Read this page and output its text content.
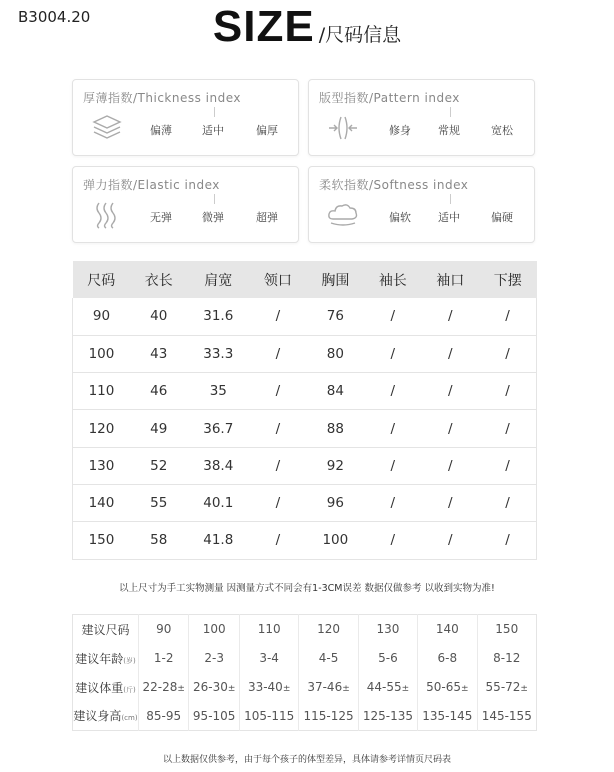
B3004.20	SIZE /尺码信息
厚薄指数/Thickness index
偏薄	适中	偏厚
版型指数/Pattern index
修身 常规	宽松
弹力指数/Elastic index
无弹	微弹	超弹
柔软指数/Softness index
偏软 适中	偏硬
尺码	衣长	肩宽	领口	胸围	袖长	袖口	下摆
90	40	31.6	/	76	/	/	/
100	43	33.3	/	80	/	/	/
110	46	35	/	84	/	/	/
120	49	36.7	/	88	/	/	/
130	52	38.4	/	92	/	/	/
140	55	40.1	/	96	/	/	/
150	58	41.8	/	100	/	/	/
以上尺寸为手工实物测量 因测量方式不同会有1-3CM误差 数据仅做参考 以收到实物为准!
建议尺码	90	100	110	120	130	140	150
建议年龄(岁)	1-2	2-3	3-4	4-5	5-6	6-8	8-12
建议体重(斤)	22-28±	26-30±	33-40±	37-46±	44-55±	50-65±	55-72±
建议身高(cm)	85-95	95-105	105-115	115-125	125-135	135-145	145-155
以上数据仅供参考，由于每个孩子的体型差异，具体请参考详情页尺码表
